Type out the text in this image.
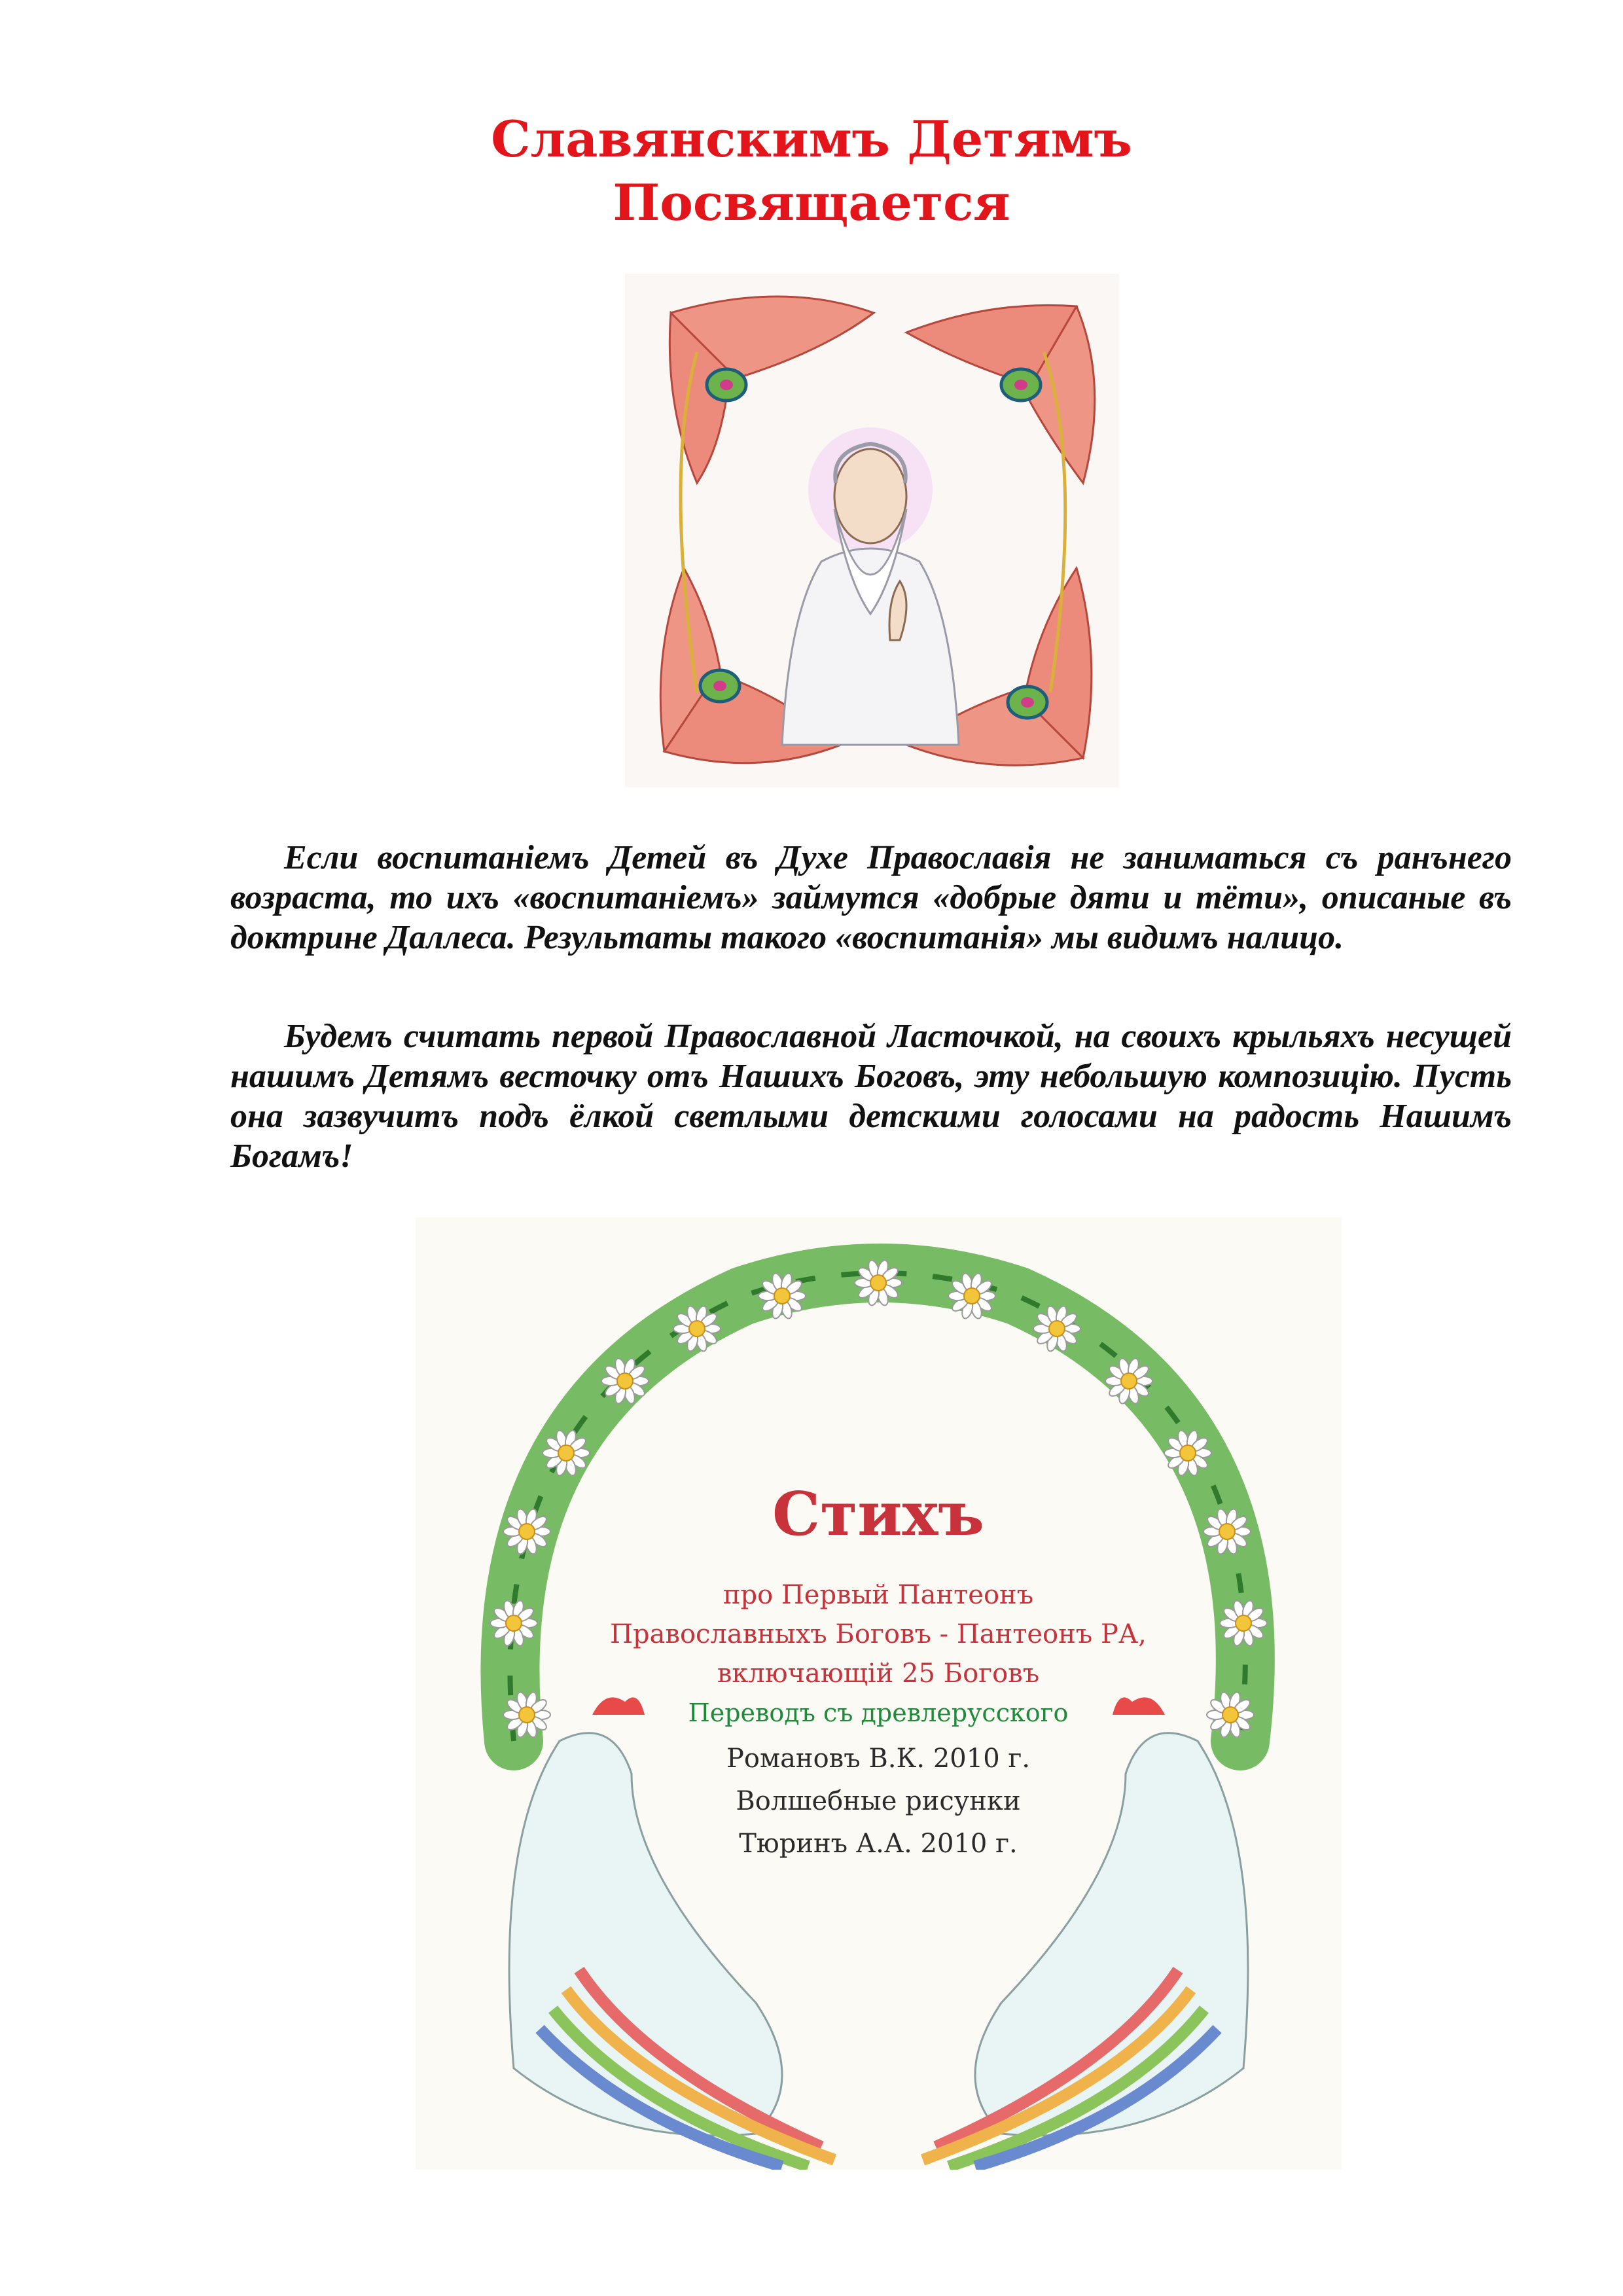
Славянскимъ Детямъ
Посвящается
Если воспитаніемъ Детей въ Духе Православія не заниматься съ ранънего возраста, то ихъ «воспитаніемъ» займутся «добрые дяти и тёти», описаные въ доктрине Даллеса. Результаты такого «воспитанія» мы видимъ налицо.
Будемъ считать первой Православной Ласточкой, на своихъ крыльяхъ несущей нашимъ Детямъ весточку отъ Нашихъ Боговъ, эту небольшую композицію. Пусть она зазвучитъ подъ ёлкой светлыми детскими голосами на радость Нашимъ Богамъ!
Стихъ
про Первый Пантеонъ
Православныхъ Боговъ - Пантеонъ РА,
включающій 25 Боговъ
Переводъ съ древлерусского
Романовъ В.К. 2010 г.
Волшебные рисунки
Тюринъ А.А. 2010 г.
